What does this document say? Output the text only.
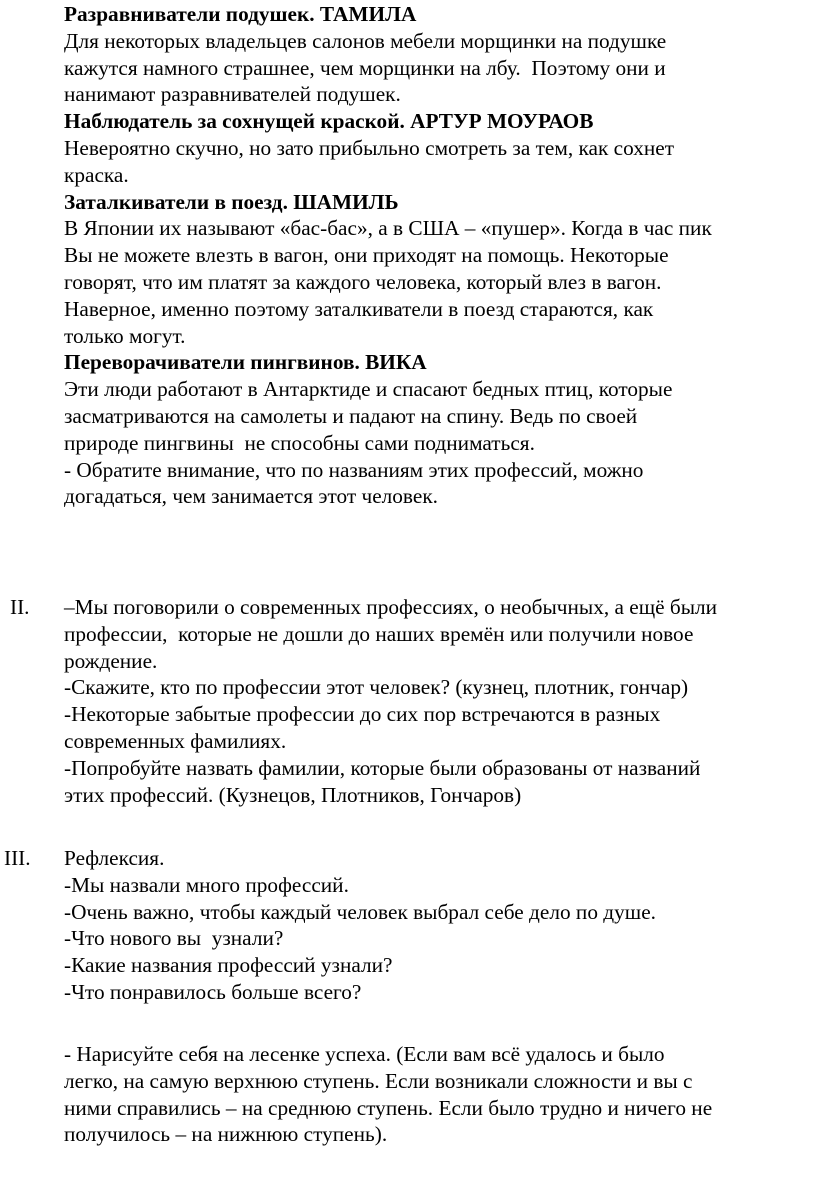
Разравниватели подушек. ТАМИЛА

Для некоторых владельцев салонов мебели морщинки на подушке

кажутся намного страшнее, чем морщинки на лбу.  Поэтому они и

нанимают разравнивателей подушек.

Наблюдатель за сохнущей краской. АРТУР МОУРАОВ

Невероятно скучно, но зато прибыльно смотреть за тем, как сохнет

краска.

Заталкиватели в поезд. ШАМИЛЬ

В Японии их называют «бас-бас», а в США – «пушер». Когда в час пик

Вы не можете влезть в вагон, они приходят на помощь. Некоторые

говорят, что им платят за каждого человека, который влез в вагон.

Наверное, именно поэтому заталкиватели в поезд стараются, как

только могут.

Переворачиватели пингвинов. ВИКА

Эти люди работают в Антарктиде и спасают бедных птиц, которые

засматриваются на самолеты и падают на спину. Ведь по своей

природе пингвины  не способны сами подниматься.

- Обратите внимание, что по названиям этих профессий, можно

догадаться, чем занимается этот человек.

II. –Мы поговорили о современных профессиях, о необычных, а ещё были

профессии,  которые не дошли до наших времён или получили новое

рождение.

-Скажите, кто по профессии этот человек? (кузнец, плотник, гончар)

-Некоторые забытые профессии до сих пор встречаются в разных

современных фамилиях.

-Попробуйте назвать фамилии, которые были образованы от названий

этих профессий. (Кузнецов, Плотников, Гончаров)

III. Рефлексия.

-Мы назвали много профессий.

-Очень важно, чтобы каждый человек выбрал себе дело по душе.

-Что нового вы  узнали?

-Какие названия профессий узнали?

-Что понравилось больше всего?

- Нарисуйте себя на лесенке успеха. (Если вам всё удалось и было

легко, на самую верхнюю ступень. Если возникали сложности и вы с

ними справились – на среднюю ступень. Если было трудно и ничего не

получилось – на нижнюю ступень).
